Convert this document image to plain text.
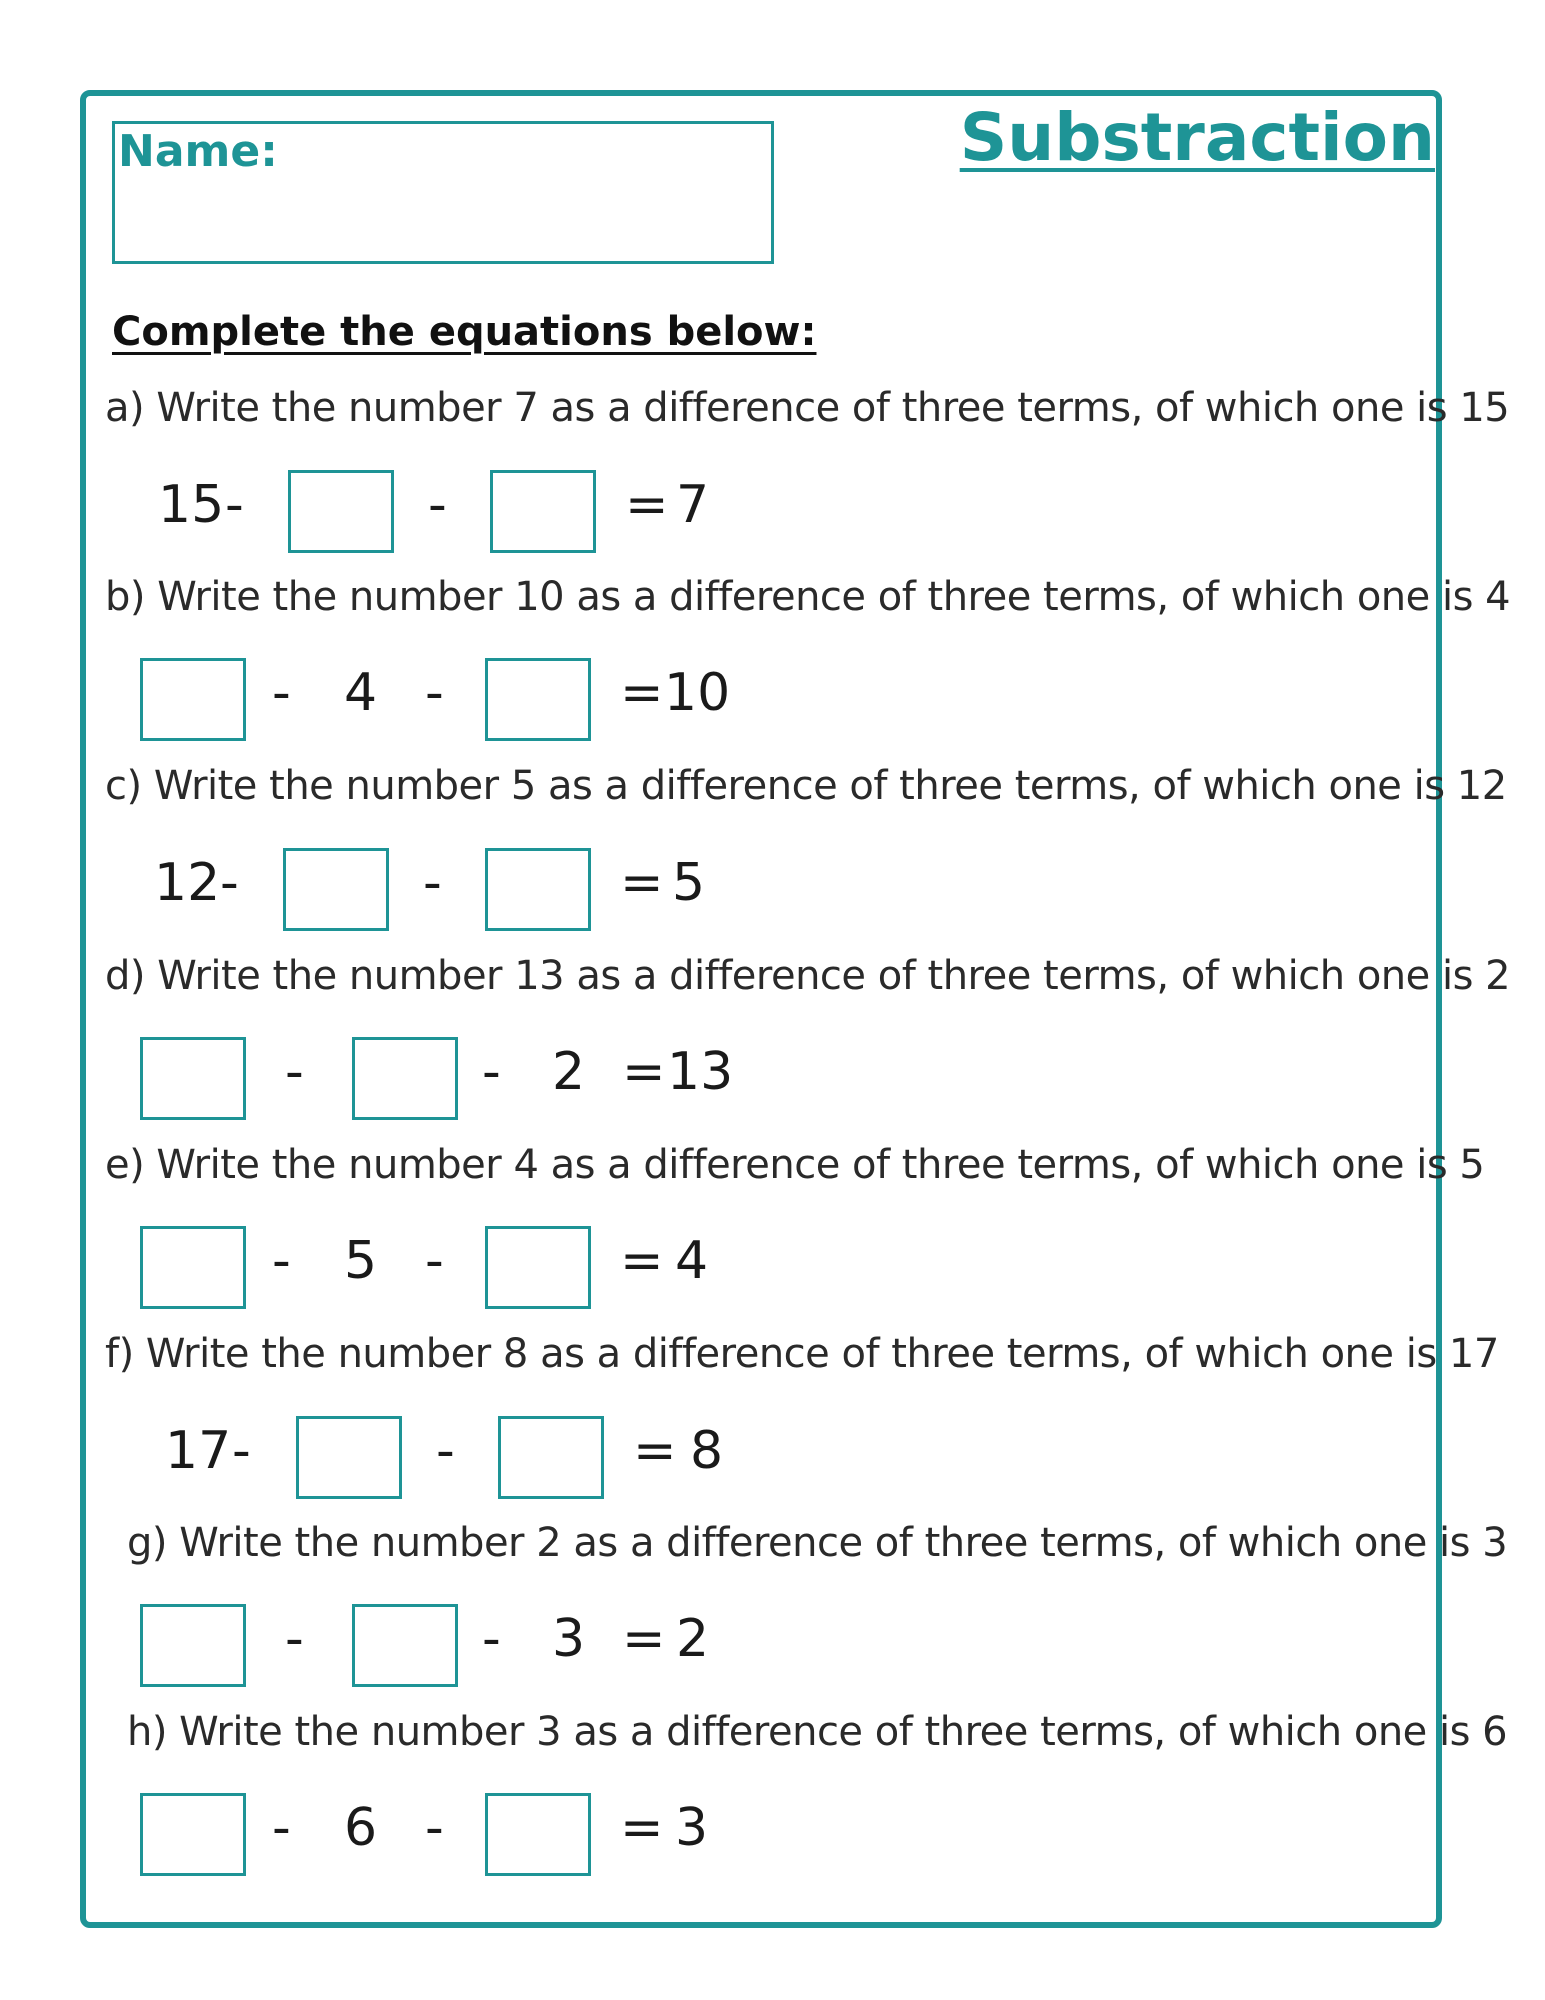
Name:	Substraction
Complete the equations below:
a) Write the number 7 as a difference of three terms, of which one is 15
15 -	-	= 7
b) Write the number 10 as a difference of three terms, of which one is 4
- 4 -	= 10
c) Write the number 5 as a difference of three terms, of which one is 12
12 -	-	= 5
d) Write the number 13 as a difference of three terms, of which one is 2
-	- 2 = 13
e) Write the number 4 as a difference of three terms, of which one is 5
- 5 -	= 4
f) Write the number 8 as a difference of three terms, of which one is 17
17 -	-	= 8
g) Write the number 2 as a difference of three terms, of which one is 3
-	- 3 = 2
h) Write the number 3 as a difference of three terms, of which one is 6
- 6 -	= 3
